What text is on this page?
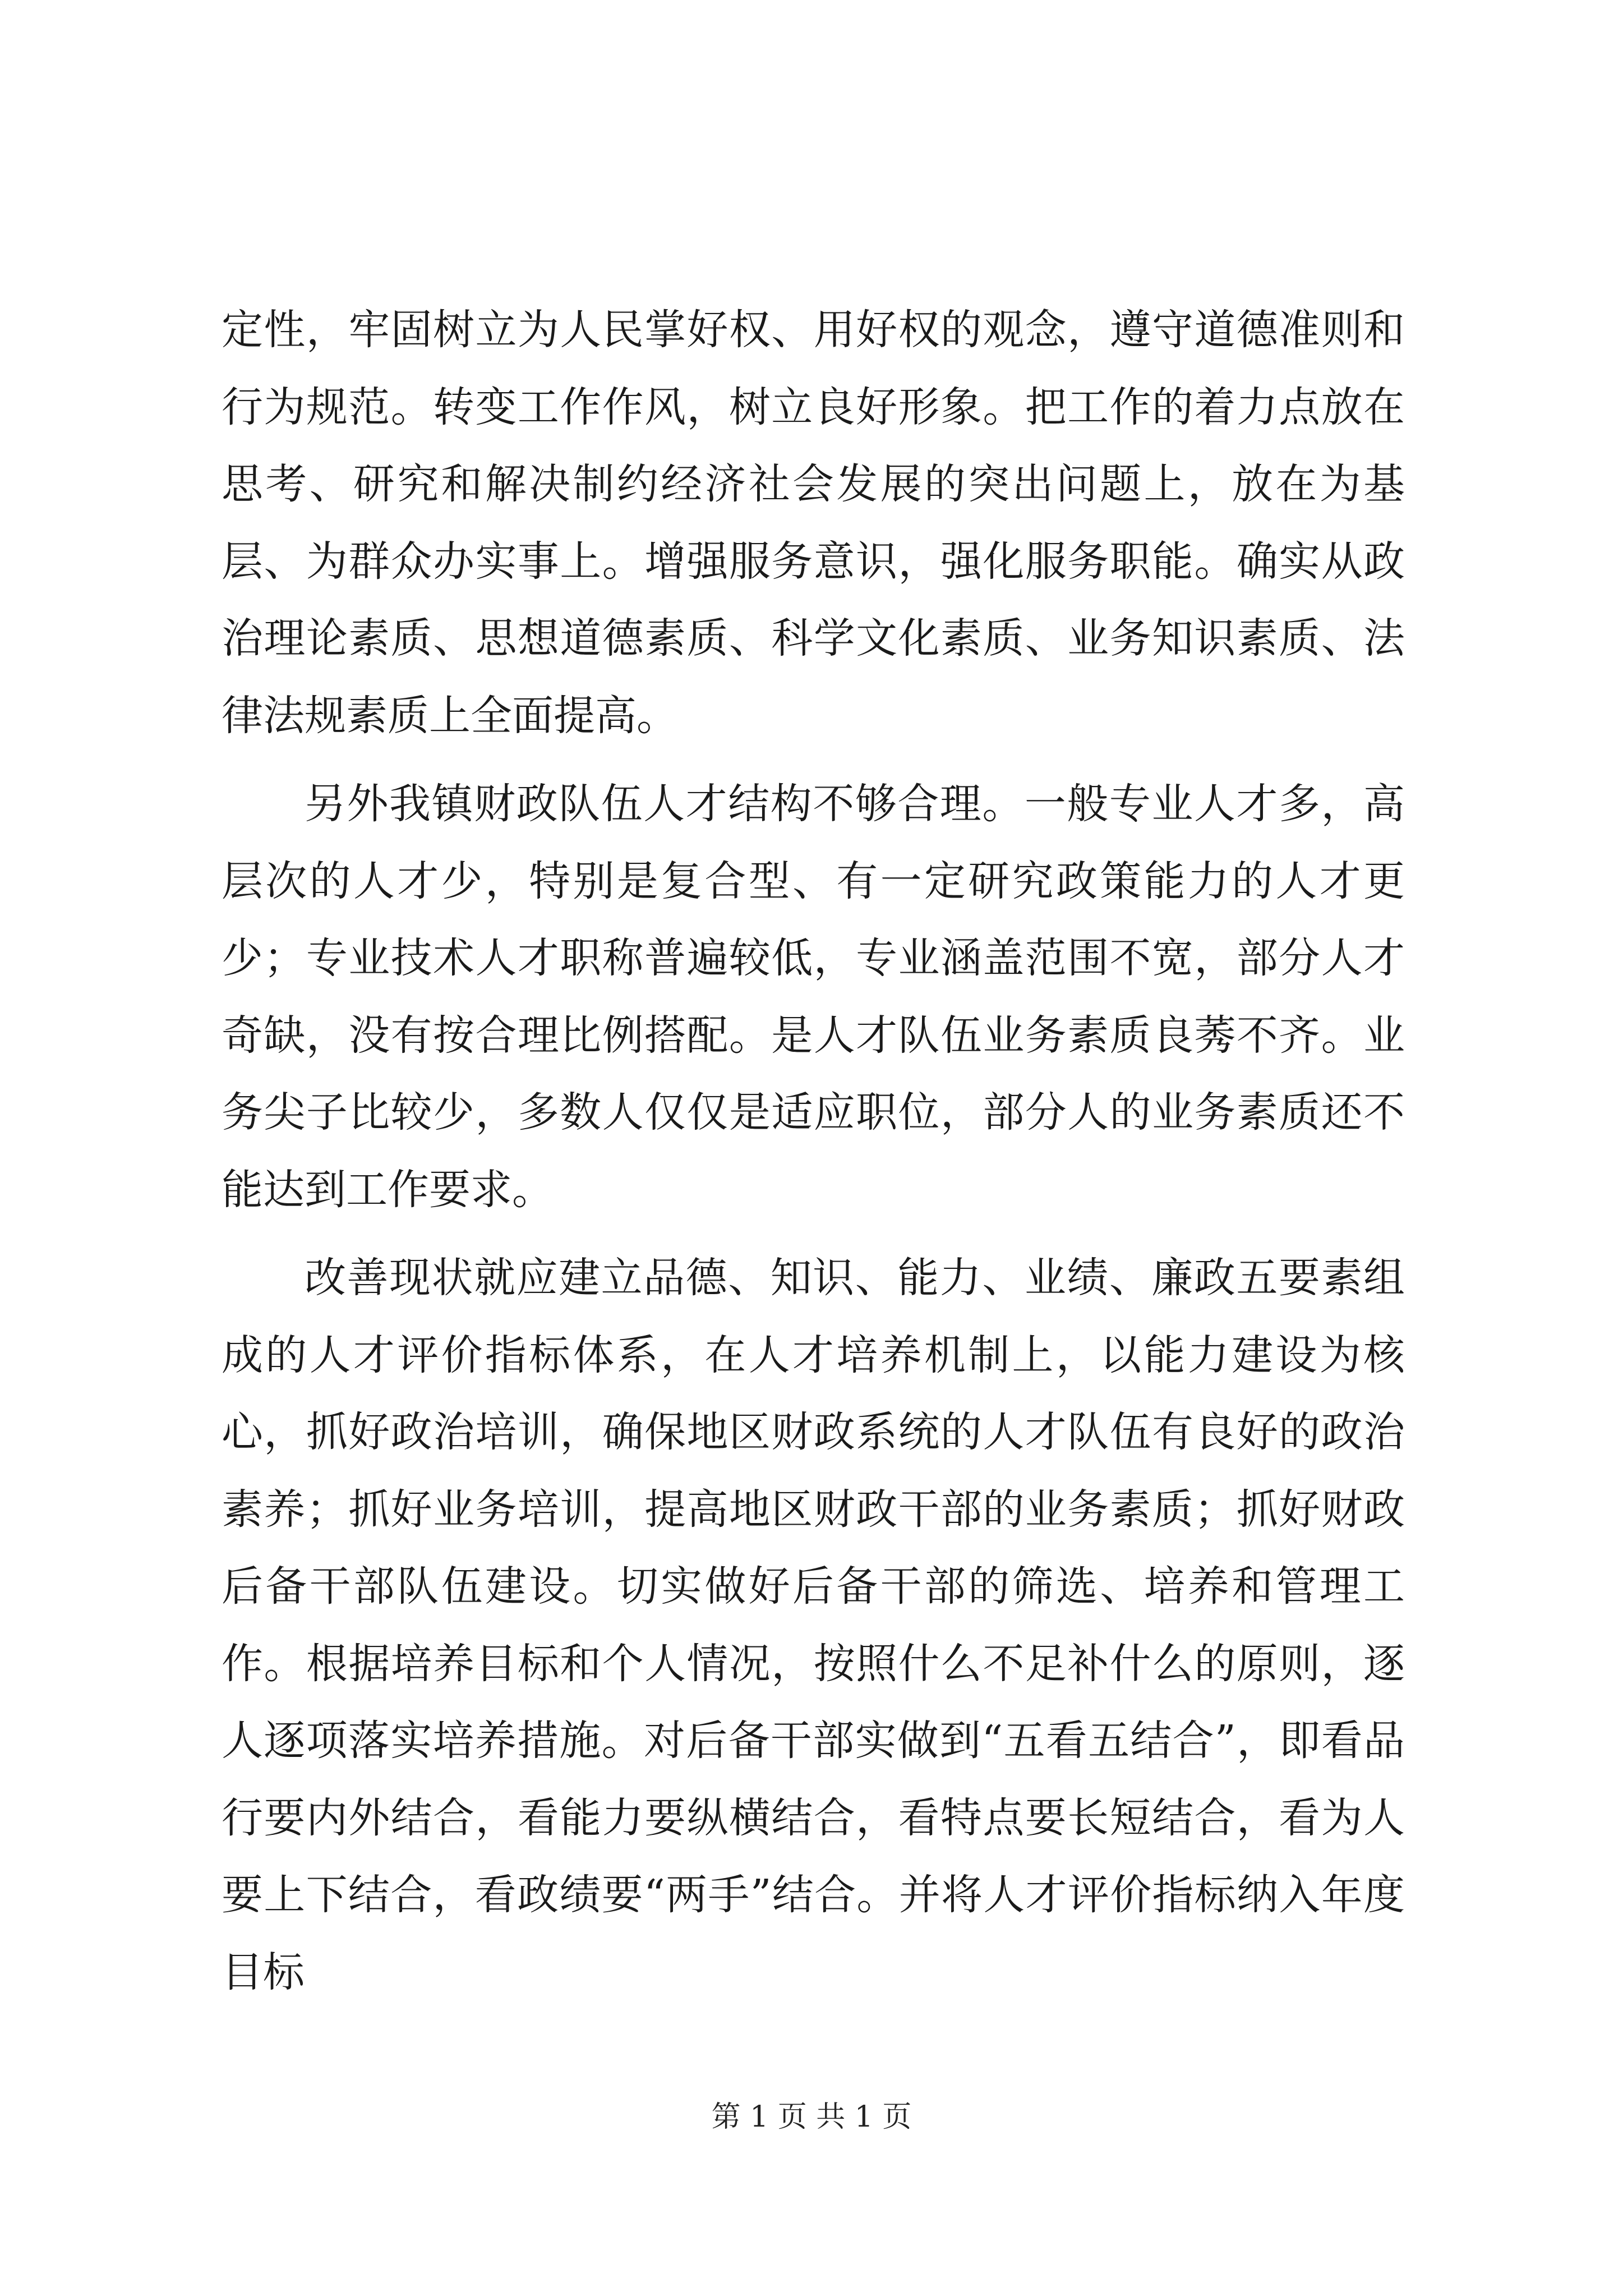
定性，牢固树立为人民掌好权、用好权的观念，遵守道德准则和行为规范。转变工作作风，树立良好形象。把工作的着力点放在思考、研究和解决制约经济社会发展的突出问题上，放在为基层、为群众办实事上。增强服务意识，强化服务职能。确实从政治理论素质、思想道德素质、科学文化素质、业务知识素质、法律法规素质上全面提高。

另外我镇财政队伍人才结构不够合理。一般专业人才多，高层次的人才少，特别是复合型、有一定研究政策能力的人才更少；专业技术人才职称普遍较低，专业涵盖范围不宽，部分人才奇缺，没有按合理比例搭配。是人才队伍业务素质良莠不齐。业务尖子比较少，多数人仅仅是适应职位，部分人的业务素质还不能达到工作要求。

改善现状就应建立品德、知识、能力、业绩、廉政五要素组成的人才评价指标体系，在人才培养机制上，以能力建设为核心，抓好政治培训，确保地区财政系统的人才队伍有良好的政治素养；抓好业务培训，提高地区财政干部的业务素质；抓好财政后备干部队伍建设。切实做好后备干部的筛选、培养和管理工作。根据培养目标和个人情况，按照什么不足补什么的原则，逐人逐项落实培养措施。对后备干部实做到“五看五结合”，即看品行要内外结合，看能力要纵横结合，看特点要长短结合，看为人要上下结合，看政绩要“两手”结合。并将人才评价指标纳入年度目标

第 1 页 共 1 页
